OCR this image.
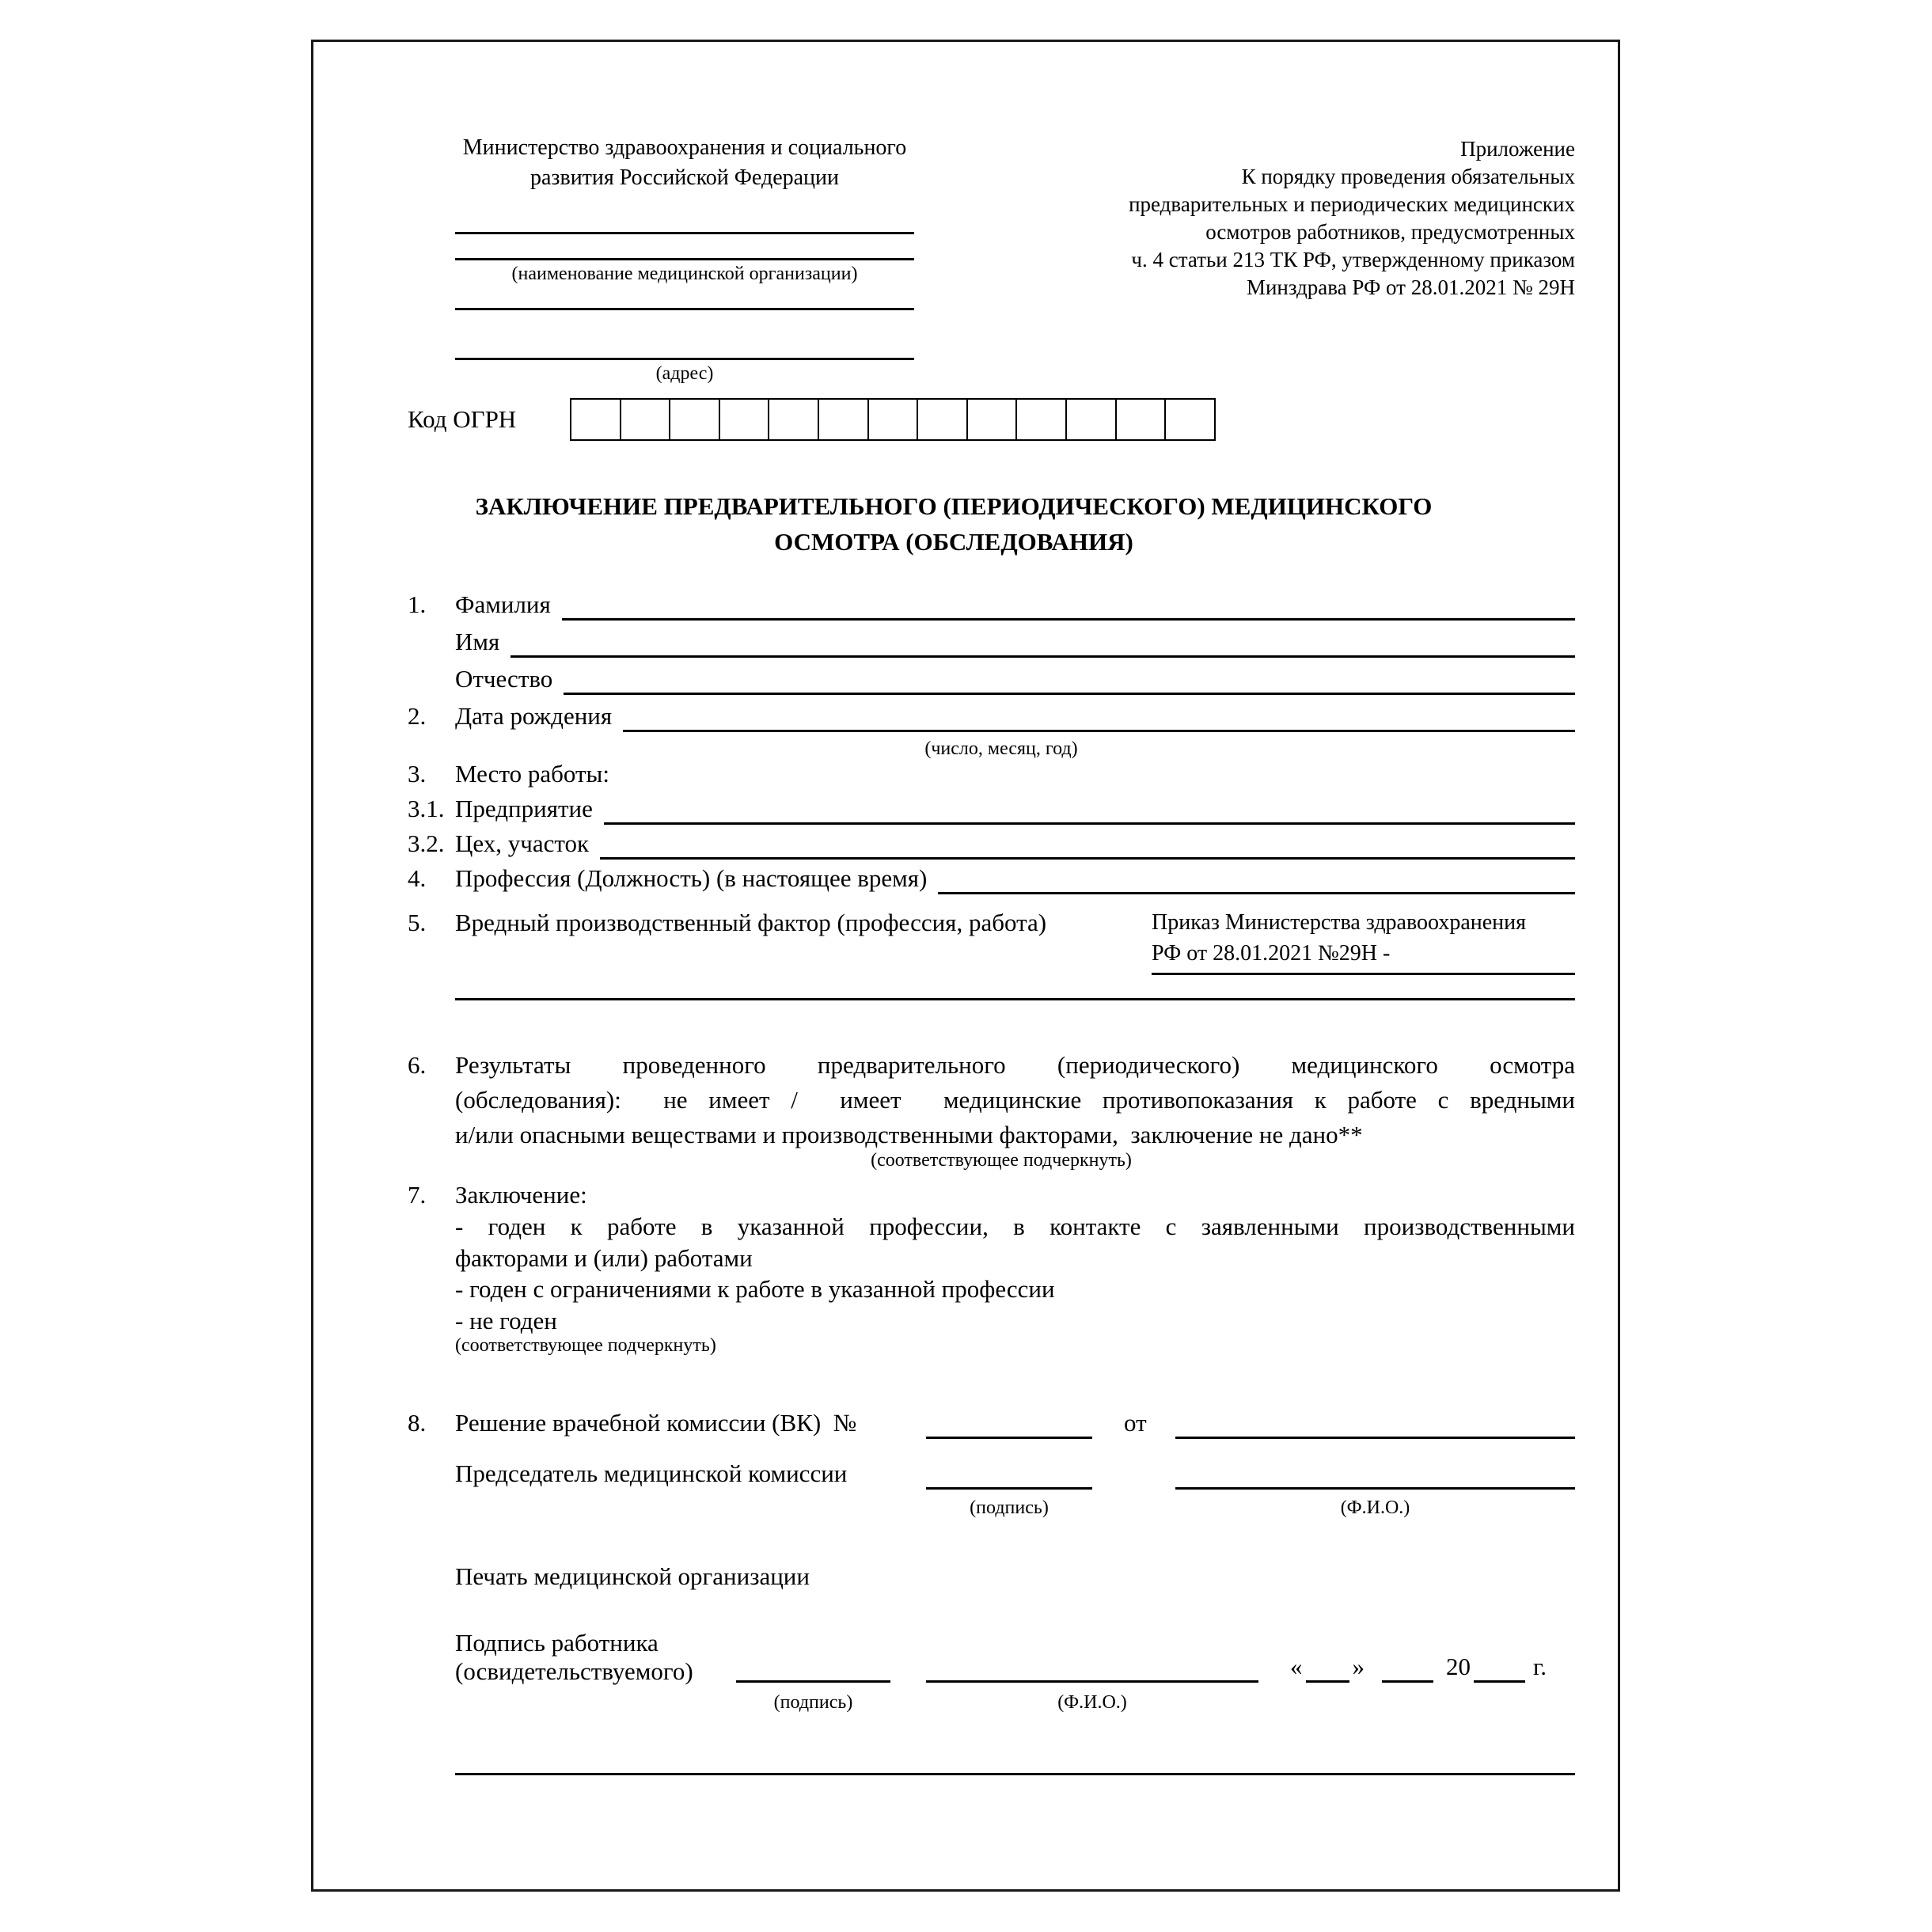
Министерство здравоохранения и социального
развития Российской Федерации
Приложение
К порядку проведения обязательных
предварительных и периодических медицинских
осмотров работников, предусмотренных
ч. 4 статьи 213 ТК РФ, утвержденному приказом
Минздрава РФ от 28.01.2021 № 29Н
(наименование медицинской организации)
(адрес)
Код ОГРН
ЗАКЛЮЧЕНИЕ ПРЕДВАРИТЕЛЬНОГО (ПЕРИОДИЧЕСКОГО) МЕДИЦИНСКОГО
ОСМОТРА (ОБСЛЕДОВАНИЯ)
1.	Фамилия
Имя
Отчество
2.	Дата рождения
(число, месяц, год)
3.	Место работы:
3.1. Предприятие
3.2. Цех, участок
4.	Профессия (Должность) (в настоящее время)
5.	Вредный производственный фактор (профессия, работа)	Приказ Министерства здравоохранения
РФ от 28.01.2021 №29Н -
6.	Результаты проведенного предварительного (периодического) медицинского осмотра
(обследования):  не имеет /  имеет  медицинские противопоказания к работе с вредными
и/или опасными веществами и производственными факторами,  заключение не дано**
(соответствующее подчеркнуть)
7.	Заключение:
- годен к работе в указанной профессии, в контакте с заявленными производственными
факторами и (или) работами
- годен с ограничениями к работе в указанной профессии
- не годен
(соответствующее подчеркнуть)
8. Решение врачебной комиссии (ВК)  №	от
Председатель медицинской комиссии
(подпись)	(Ф.И.О.)
Печать медицинской организации
Подпись работника
(освидетельствуемого)	« »	20	г.
(подпись)	(Ф.И.О.)
